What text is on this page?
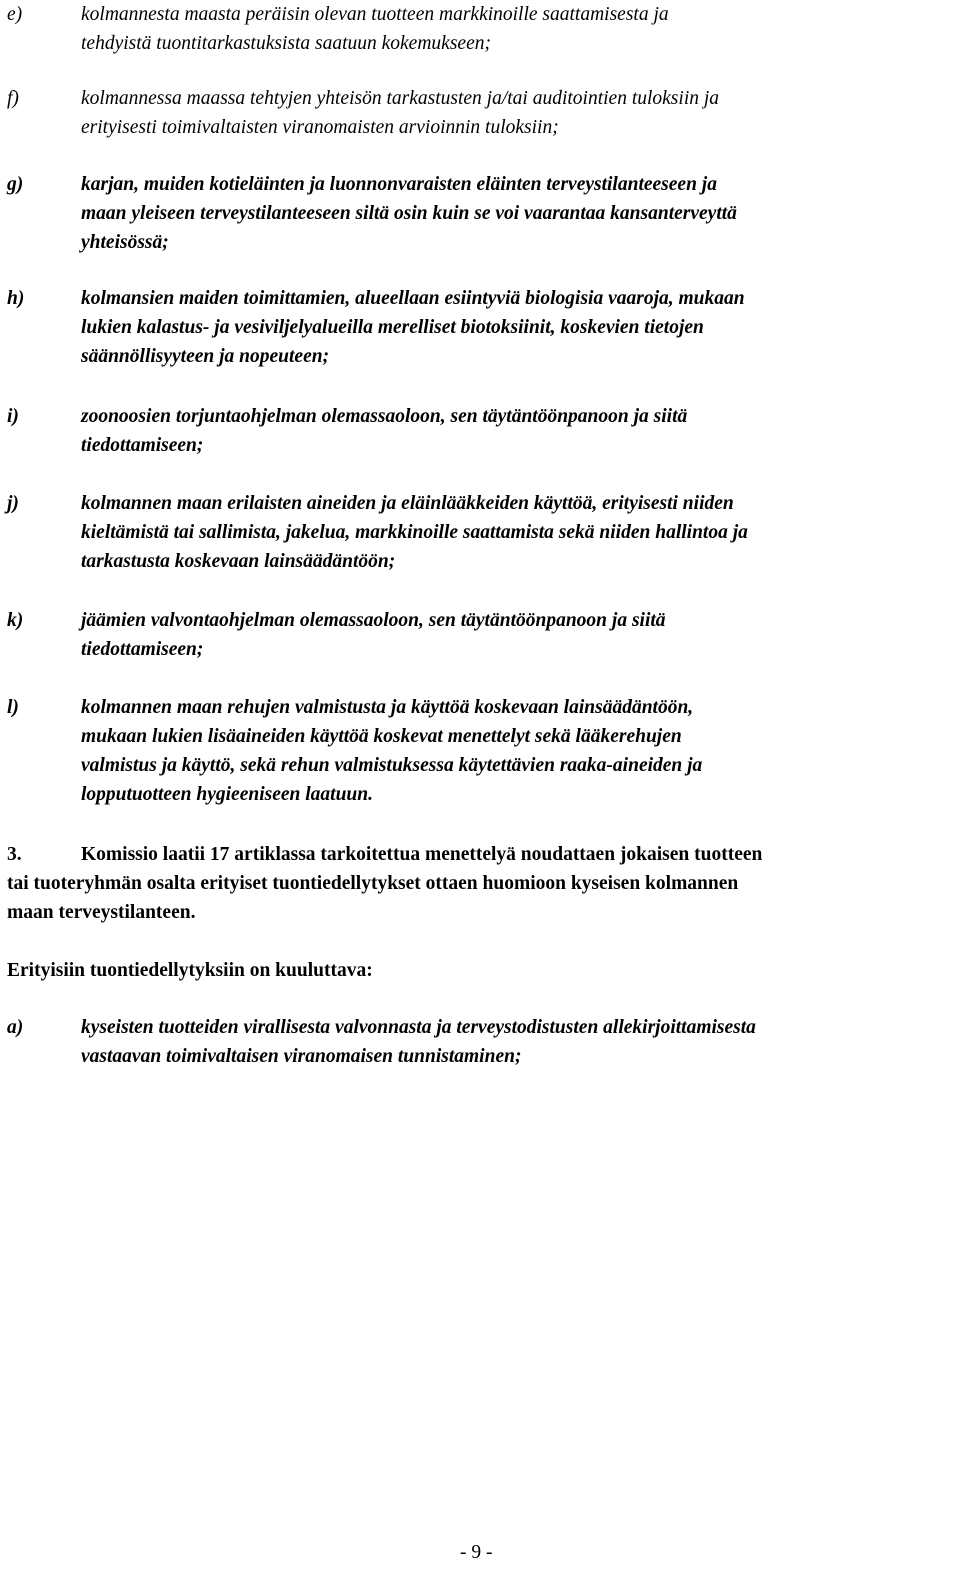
e)	kolmannesta maasta peräisin olevan tuotteen markkinoille saattamisesta ja
tehdyistä tuontitarkastuksista saatuun kokemukseen;
f)	kolmannessa maassa tehtyjen yhteisön tarkastusten ja/tai auditointien tuloksiin ja
erityisesti toimivaltaisten viranomaisten arvioinnin tuloksiin;
g)	karjan, muiden kotieläinten ja luonnonvaraisten eläinten terveystilanteeseen ja
maan yleiseen terveystilanteeseen siltä osin kuin se voi vaarantaa kansanterveyttä
yhteisössä;
h)	kolmansien maiden toimittamien, alueellaan esiintyviä biologisia vaaroja, mukaan
lukien kalastus- ja vesiviljelyalueilla merelliset biotoksiinit, koskevien tietojen
säännöllisyyteen ja nopeuteen;
i)	zoonoosien torjuntaohjelman olemassaoloon, sen täytäntöönpanoon ja siitä
tiedottamiseen;
j)	kolmannen maan erilaisten aineiden ja eläinlääkkeiden käyttöä, erityisesti niiden
kieltämistä tai sallimista, jakelua, markkinoille saattamista sekä niiden hallintoa ja
tarkastusta koskevaan lainsäädäntöön;
k)	jäämien valvontaohjelman olemassaoloon, sen täytäntöönpanoon ja siitä
tiedottamiseen;
l)	kolmannen maan rehujen valmistusta ja käyttöä koskevaan lainsäädäntöön,
mukaan lukien lisäaineiden käyttöä koskevat menettelyt sekä lääkerehujen
valmistus ja käyttö, sekä rehun valmistuksessa käytettävien raaka-aineiden ja
lopputuotteen hygieeniseen laatuun.
3.	Komissio laatii 17 artiklassa tarkoitettua menettelyä noudattaen jokaisen tuotteen
tai tuoteryhmän osalta erityiset tuontiedellytykset ottaen huomioon kyseisen kolmannen
maan terveystilanteen.
Erityisiin tuontiedellytyksiin on kuuluttava:
a)	kyseisten tuotteiden virallisesta valvonnasta ja terveystodistusten allekirjoittamisesta
vastaavan toimivaltaisen viranomaisen tunnistaminen;
- 9 -
